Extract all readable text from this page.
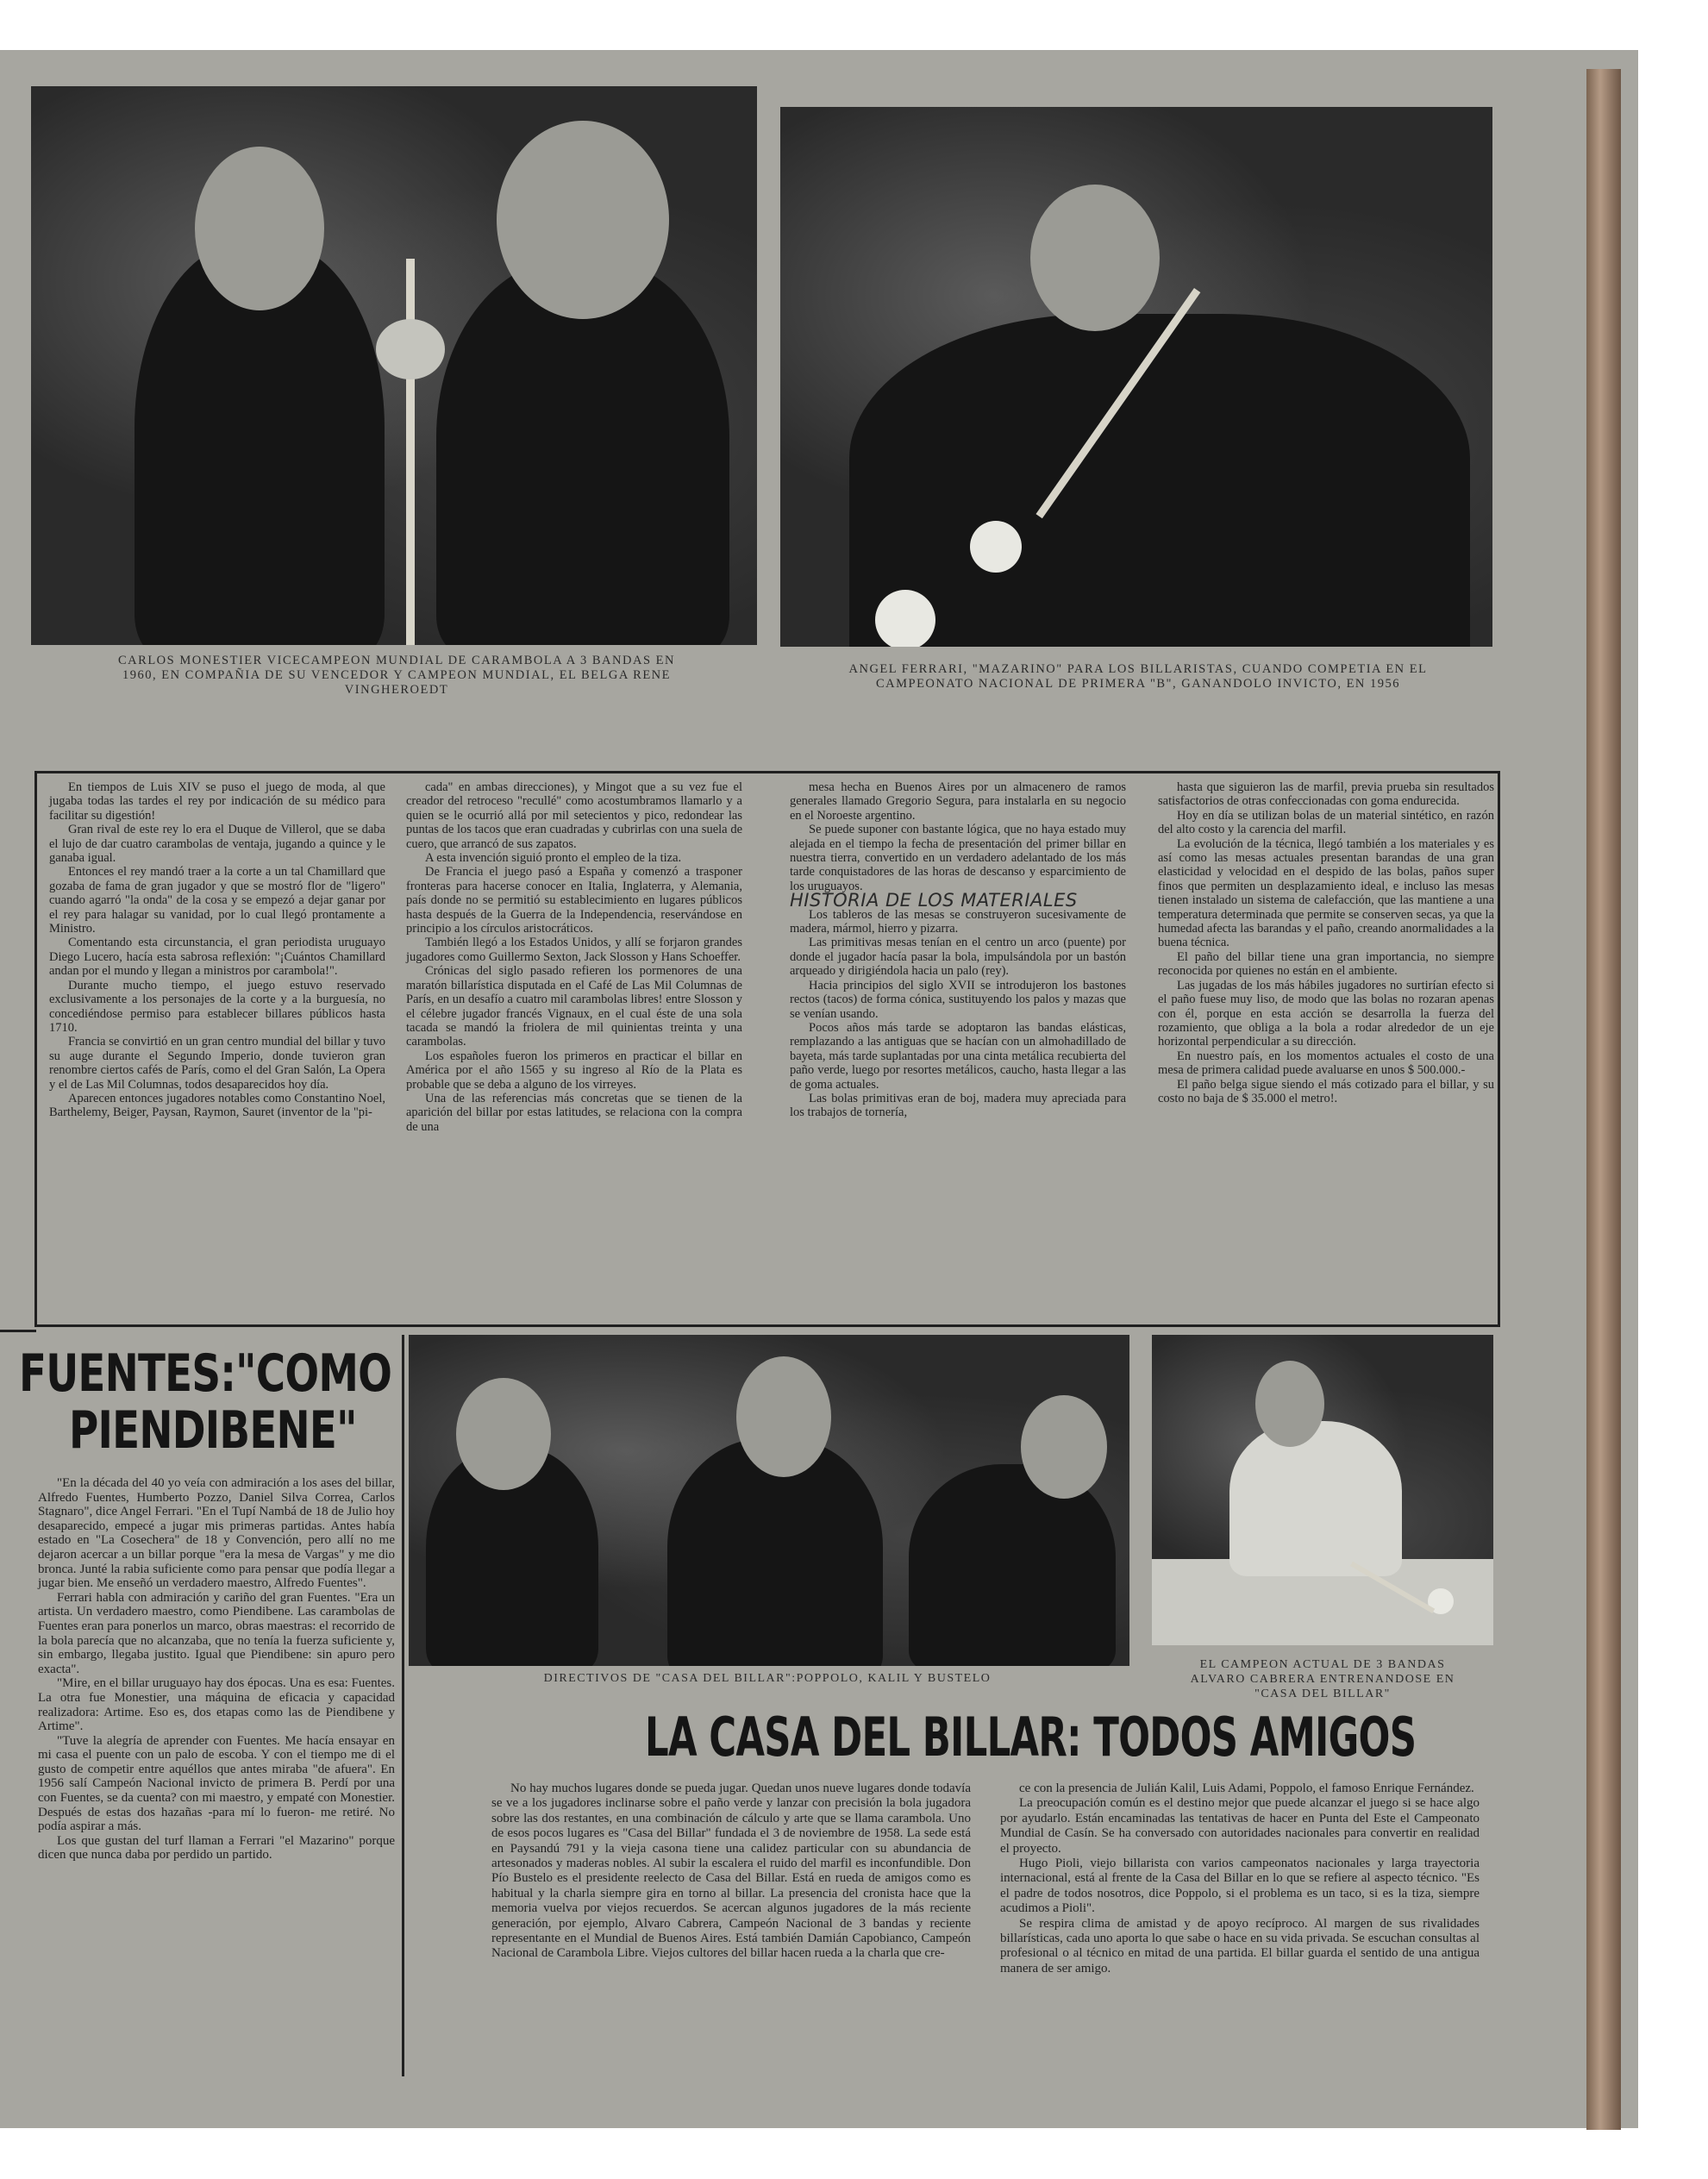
CARLOS MONESTIER VICECAMPEON MUNDIAL DE CARAMBOLA A 3 BANDAS EN
1960, EN COMPAÑIA DE SU VENCEDOR Y CAMPEON MUNDIAL, EL BELGA RENE
VINGHEROEDT
ANGEL FERRARI, "MAZARINO" PARA LOS BILLARISTAS, CUANDO COMPETIA EN EL
CAMPEONATO NACIONAL DE PRIMERA "B", GANANDOLO INVICTO, EN 1956

En tiempos de Luis XIV se puso el juego de moda, al que jugaba todas las tardes el rey por indicación de su médico para facilitar su digestión!

Gran rival de este rey lo era el Duque de Villerol, que se daba el lujo de dar cuatro carambolas de ventaja, jugando a quince y le ganaba igual.

Entonces el rey mandó traer a la corte a un tal Chamillard que gozaba de fama de gran jugador y que se mostró flor de "ligero" cuando agarró "la onda" de la cosa y se empezó a dejar ganar por el rey para halagar su vanidad, por lo cual llegó prontamente a Ministro.

Comentando esta circunstancia, el gran periodista uruguayo Diego Lucero, hacía esta sabrosa reflexión: "¡Cuántos Chamillard andan por el mundo y llegan a ministros por carambola!".

Durante mucho tiempo, el juego estuvo reservado exclusivamente a los personajes de la corte y a la burguesía, no concediéndose permiso para establecer billares públicos hasta 1710.

Francia se convirtió en un gran centro mundial del billar y tuvo su auge durante el Segundo Imperio, donde tuvieron gran renombre ciertos cafés de París, como el del Gran Salón, La Opera y el de Las Mil Columnas, todos desaparecidos hoy día.

Aparecen entonces jugadores notables como Constantino Noel, Barthelemy, Beiger, Paysan, Raymon, Sauret (inventor de la "pi-

cada" en ambas direcciones), y Mingot que a su vez fue el creador del retroceso "recullé" como acostumbramos llamarlo y a quien se le ocurrió allá por mil setecientos y pico, redondear las puntas de los tacos que eran cuadradas y cubrirlas con una suela de cuero, que arrancó de sus zapatos.

A esta invención siguió pronto el empleo de la tiza.

De Francia el juego pasó a España y comenzó a trasponer fronteras para hacerse conocer en Italia, Inglaterra, y Alemania, país donde no se permitió su establecimiento en lugares públicos hasta después de la Guerra de la Independencia, reservándose en principio a los círculos aristocráticos.

También llegó a los Estados Unidos, y allí se forjaron grandes jugadores como Guillermo Sexton, Jack Slosson y Hans Schoeffer.

Crónicas del siglo pasado refieren los pormenores de una maratón billarística disputada en el Café de Las Mil Columnas de París, en un desafío a cuatro mil carambolas libres! entre Slosson y el célebre jugador francés Vignaux, en el cual éste de una sola tacada se mandó la friolera de mil quinientas treinta y una carambolas.

Los españoles fueron los primeros en practicar el billar en América por el año 1565 y su ingreso al Río de la Plata es probable que se deba a alguno de los virreyes.

Una de las referencias más concretas que se tienen de la aparición del billar por estas latitudes, se relaciona con la compra de una

mesa hecha en Buenos Aires por un almacenero de ramos generales llamado Gregorio Segura, para instalarla en su negocio en el Noroeste argentino.

Se puede suponer con bastante lógica, que no haya estado muy alejada en el tiempo la fecha de presentación del primer billar en nuestra tierra, convertido en un verdadero adelantado de los más tarde conquistadores de las horas de descanso y esparcimiento de los uruguayos.

HISTORIA DE LOS MATERIALES

Los tableros de las mesas se construyeron sucesivamente de madera, mármol, hierro y pizarra.

Las primitivas mesas tenían en el centro un arco (puente) por donde el jugador hacía pasar la bola, impulsándola por un bastón arqueado y dirigiéndola hacia un palo (rey).

Hacia principios del siglo XVII se introdujeron los bastones rectos (tacos) de forma cónica, sustituyendo los palos y mazas que se venían usando.

Pocos años más tarde se adoptaron las bandas elásticas, remplazando a las antiguas que se hacían con un almohadillado de bayeta, más tarde suplantadas por una cinta metálica recubierta del paño verde, luego por resortes metálicos, caucho, hasta llegar a las de goma actuales.

Las bolas primitivas eran de boj, madera muy apreciada para los trabajos de tornería,

hasta que siguieron las de marfil, previa prueba sin resultados satisfactorios de otras confeccionadas con goma endurecida.

Hoy en día se utilizan bolas de un material sintético, en razón del alto costo y la carencia del marfil.

La evolución de la técnica, llegó también a los materiales y es así como las mesas actuales presentan barandas de una gran elasticidad y velocidad en el despido de las bolas, paños super finos que permiten un desplazamiento ideal, e incluso las mesas tienen instalado un sistema de calefacción, que las mantiene a una temperatura determinada que permite se conserven secas, ya que la humedad afecta las barandas y el paño, creando anormalidades a la buena técnica.

El paño del billar tiene una gran importancia, no siempre reconocida por quienes no están en el ambiente.

Las jugadas de los más hábiles jugadores no surtirían efecto si el paño fuese muy liso, de modo que las bolas no rozaran apenas con él, porque en esta acción se desarrolla la fuerza del rozamiento, que obliga a la bola a rodar alrededor de un eje horizontal perpendicular a su dirección.

En nuestro país, en los momentos actuales el costo de una mesa de primera calidad puede avaluarse en unos $ 500.000.-

El paño belga sigue siendo el más cotizado para el billar, y su costo no baja de $ 35.000 el metro!.

FUENTES:"COMO
PIENDIBENE"

"En la década del 40 yo veía con admiración a los ases del billar, Alfredo Fuentes, Humberto Pozzo, Daniel Silva Correa, Carlos Stagnaro", dice Angel Ferrari. "En el Tupí Nambá de 18 de Julio hoy desaparecido, empecé a jugar mis primeras partidas. Antes había estado en "La Cosechera" de 18 y Convención, pero allí no me dejaron acercar a un billar porque "era la mesa de Vargas" y me dio bronca. Junté la rabia suficiente como para pensar que podía llegar a jugar bien. Me enseñó un verdadero maestro, Alfredo Fuentes".

Ferrari habla con admiración y cariño del gran Fuentes. "Era un artista. Un verdadero maestro, como Piendibene. Las carambolas de Fuentes eran para ponerlos un marco, obras maestras: el recorrido de la bola parecía que no alcanzaba, que no tenía la fuerza suficiente y, sin embargo, llegaba justito. Igual que Piendibene: sin apuro pero exacta".

"Mire, en el billar uruguayo hay dos épocas. Una es esa: Fuentes. La otra fue Monestier, una máquina de eficacia y capacidad realizadora: Artime. Eso es, dos etapas como las de Piendibene y Artime".

"Tuve la alegría de aprender con Fuentes. Me hacía ensayar en mi casa el puente con un palo de escoba. Y con el tiempo me di el gusto de competir entre aquéllos que antes miraba "de afuera". En 1956 salí Campeón Nacional invicto de primera B. Perdí por una con Fuentes, se da cuenta? con mi maestro, y empaté con Monestier. Después de estas dos hazañas -para mí lo fueron- me retiré. No podía aspirar a más.

Los que gustan del turf llaman a Ferrari "el Mazarino" porque dicen que nunca daba por perdido un partido.

DIRECTIVOS DE "CASA DEL BILLAR":POPPOLO, KALIL Y BUSTELO
EL CAMPEON ACTUAL DE 3 BANDAS
ALVARO CABRERA ENTRENANDOSE EN
"CASA DEL BILLAR"
LA CASA DEL BILLAR: TODOS AMIGOS

No hay muchos lugares donde se pueda jugar. Quedan unos nueve lugares donde todavía se ve a los jugadores inclinarse sobre el paño verde y lanzar con precisión la bola jugadora sobre las dos restantes, en una combinación de cálculo y arte que se llama carambola. Uno de esos pocos lugares es "Casa del Billar" fundada el 3 de noviembre de 1958. La sede está en Paysandú 791 y la vieja casona tiene una calidez particular con su abundancia de artesonados y maderas nobles. Al subir la escalera el ruido del marfil es inconfundible. Don Pío Bustelo es el presidente reelecto de Casa del Billar. Está en rueda de amigos como es habitual y la charla siempre gira en torno al billar. La presencia del cronista hace que la memoria vuelva por viejos recuerdos. Se acercan algunos jugadores de la más reciente generación, por ejemplo, Alvaro Cabrera, Campeón Nacional de 3 bandas y reciente representante en el Mundial de Buenos Aires. Está también Damián Capobianco, Campeón Nacional de Carambola Libre. Viejos cultores del billar hacen rueda a la charla que cre-

ce con la presencia de Julián Kalil, Luis Adami, Poppolo, el famoso Enrique Fernández.

La preocupación común es el destino mejor que puede alcanzar el juego si se hace algo por ayudarlo. Están encaminadas las tentativas de hacer en Punta del Este el Campeonato Mundial de Casín. Se ha conversado con autoridades nacionales para convertir en realidad el proyecto.

Hugo Pioli, viejo billarista con varios campeonatos nacionales y larga trayectoria internacional, está al frente de la Casa del Billar en lo que se refiere al aspecto técnico. "Es el padre de todos nosotros, dice Poppolo, si el problema es un taco, si es la tiza, siempre acudimos a Pioli".

Se respira clima de amistad y de apoyo recíproco. Al margen de sus rivalidades billarísticas, cada uno aporta lo que sabe o hace en su vida privada. Se escuchan consultas al profesional o al técnico en mitad de una partida. El billar guarda el sentido de una antigua manera de ser amigo.
